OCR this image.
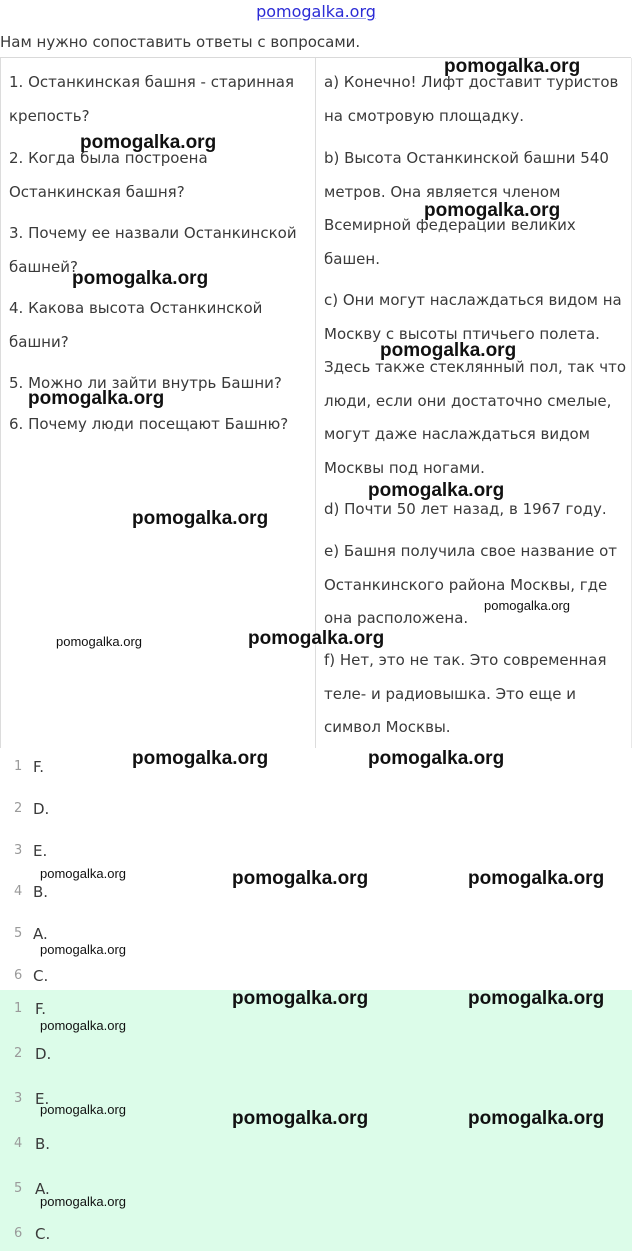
pomogalka.org
Нам нужно сопоставить ответы с вопросами.
1. Останкинская башня - старинная крепость?
2. Когда была построена Останкинская башня?
3. Почему ее назвали Останкинской башней?
4. Какова высота Останкинской башни?
5. Можно ли зайти внутрь Башни?
6. Почему люди посещают Башню?
a) Конечно! Лифт доставит туристов на смотровую площадку.
b) Высота Останкинской башни 540 метров. Она является членом Всемирной федерации великих башен.
c) Они могут наслаждаться видом на Москву с высоты птичьего полета. Здесь также стеклянный пол, так что люди, если они достаточно смелые, могут даже наслаждаться видом Москвы под ногами.
d) Почти 50 лет назад, в 1967 году.
e) Башня получила свое название от Останкинского района Москвы, где она расположена.
f) Нет, это не так. Это современная теле- и радиовышка. Это еще и символ Москвы.
1 F.
2 D.
3 E.
4 B.
5 A.
6 C.
1 F.
2 D.
3 E.
4 B.
5 A.
6 C.
pomogalka.org
pomogalka.org
pomogalka.org
pomogalka.org
pomogalka.org
pomogalka.org
pomogalka.org
pomogalka.org
pomogalka.org
pomogalka.org
pomogalka.org
pomogalka.org	pomogalka.org
pomogalka.org	pomogalka.org	pomogalka.org
pomogalka.org
pomogalka.org	pomogalka.org
pomogalka.org
pomogalka.org	pomogalka.org	pomogalka.org
pomogalka.org
